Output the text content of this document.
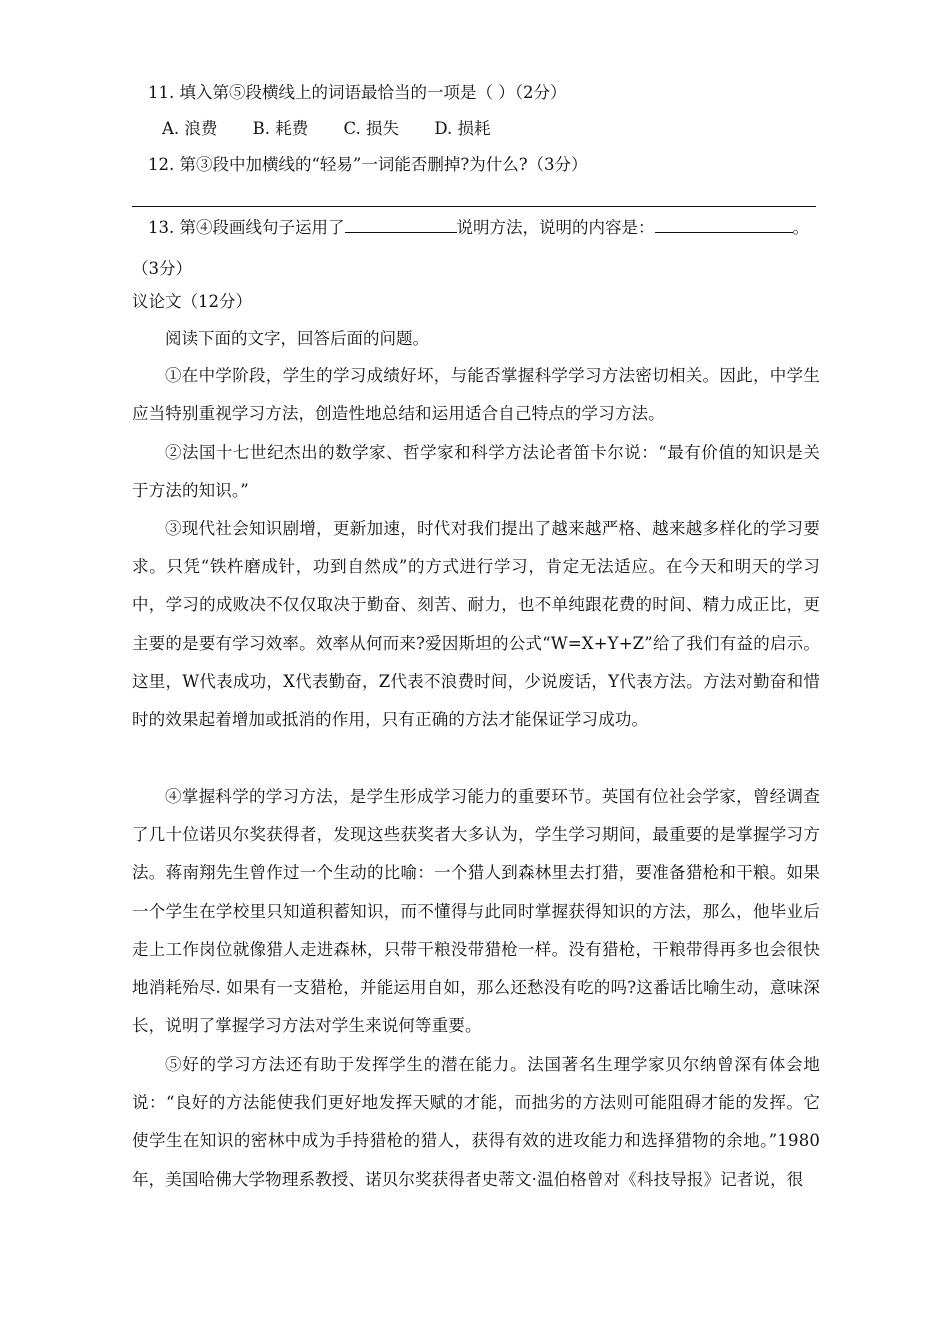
11. 填入第⑤段横线上的词语最恰当的一项是（ ）（2分）
A. 浪费 B. 耗费 C. 损失 D. 损耗
12. 第③段中加横线的“轻易”一词能否删掉?为什么?（3分）
13. 第④段画线句子运用了	说明方法，说明的内容是：	。
（3分）
议论文（12分）
阅读下面的文字，回答后面的问题。
①在中学阶段，学生的学习成绩好坏，与能否掌握科学学习方法密切相关。因此，中学生应当特别重视学习方法，创造性地总结和运用适合自己特点的学习方法。
②法国十七世纪杰出的数学家、哲学家和科学方法论者笛卡尔说：“最有价值的知识是关于方法的知识。”
③现代社会知识剧增，更新加速，时代对我们提出了越来越严格、越来越多样化的学习要求。只凭“铁杵磨成针，功到自然成”的方式进行学习，肯定无法适应。在今天和明天的学习中，学习的成败决不仅仅取决于勤奋、刻苦、耐力，也不单纯跟花费的时间、精力成正比，更主要的是要有学习效率。效率从何而来?爱因斯坦的公式“W=X+Y+Z”给了我们有益的启示。这里，W代表成功，X代表勤奋，Z代表不浪费时间，少说废话，Y代表方法。方法对勤奋和惜时的效果起着增加或抵消的作用，只有正确的方法才能保证学习成功。
④掌握科学的学习方法，是学生形成学习能力的重要环节。英国有位社会学家，曾经调查了几十位诺贝尔奖获得者，发现这些获奖者大多认为，学生学习期间，最重要的是掌握学习方法。蒋南翔先生曾作过一个生动的比喻：一个猎人到森林里去打猎，要准备猎枪和干粮。如果一个学生在学校里只知道积蓄知识，而不懂得与此同时掌握获得知识的方法，那么，他毕业后走上工作岗位就像猎人走进森林，只带干粮没带猎枪一样。没有猎枪，干粮带得再多也会很快地消耗殆尽. 如果有一支猎枪，并能运用自如，那么还愁没有吃的吗?这番话比喻生动，意味深长，说明了掌握学习方法对学生来说何等重要。
⑤好的学习方法还有助于发挥学生的潜在能力。法国著名生理学家贝尔纳曾深有体会地说：“良好的方法能使我们更好地发挥天赋的才能，而拙劣的方法则可能阻碍才能的发挥。它使学生在知识的密林中成为手持猎枪的猎人，获得有效的进攻能力和选择猎物的余地。”1980年，美国哈佛大学物理系教授、诺贝尔奖获得者史蒂文·温伯格曾对《科技导报》记者说，很
